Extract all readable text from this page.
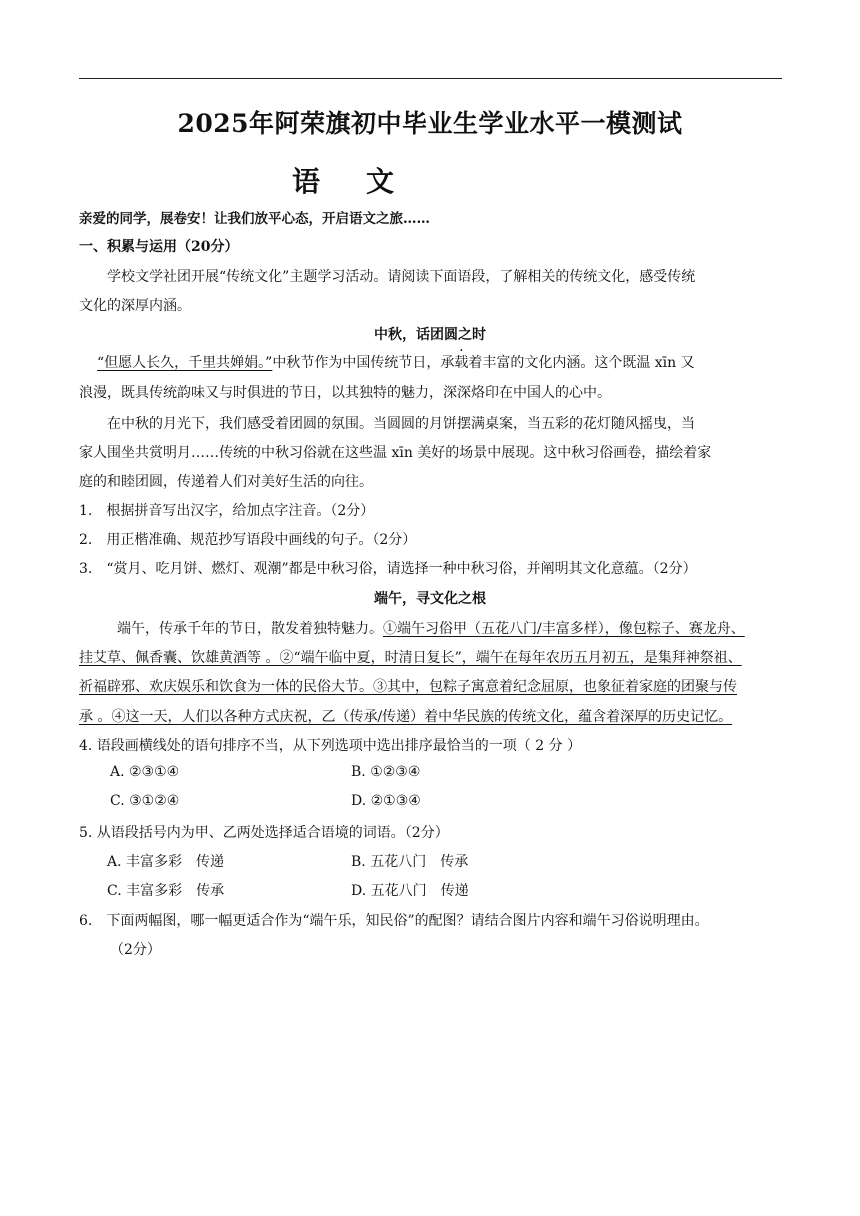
2025年阿荣旗初中毕业生学业水平一模测试
语文
亲爱的同学，展卷安！让我们放平心态，开启语文之旅……
一、积累与运用（20分）
学校文学社团开展“传统文化”主题学习活动。请阅读下面语段，了解相关的传统文化，感受传统
文化的深厚内涵。
中秋，话团圆之时
“但愿人长久，千里共婵娟。”中秋节作为中国传统节日，承载着丰富的文化内涵。这个既温 xīn 又
浪漫，既具传统韵味又与时俱进的节日，以其独特的魅力，深深烙印在中国人的心中。
在中秋的月光下，我们感受着团圆的氛围。当圆圆的月饼摆满桌案，当五彩的花灯随风摇曳，当
家人围坐共赏明月……传统的中秋习俗就在这些温 xīn 美好的场景中展现。这中秋习俗画卷，描绘着家
庭的和睦团圆，传递着人们对美好生活的向往。
1.　根据拼音写出汉字，给加点字注音。（2分）
2.　用正楷准确、规范抄写语段中画线的句子。（2分）
3.　“赏月、吃月饼、燃灯、观潮”都是中秋习俗，请选择一种中秋习俗，并阐明其文化意蕴。（2分）
端午，寻文化之根
端午，传承千年的节日，散发着独特魅力。①端午习俗甲（五花八门/丰富多样），像包粽子、赛龙舟、
挂艾草、佩香囊、饮雄黄酒等 。②“端午临中夏，时清日复长”，端午在每年农历五月初五，是集拜神祭祖、
祈福辟邪、欢庆娱乐和饮食为一体的民俗大节。③其中，包粽子寓意着纪念屈原，也象征着家庭的团聚与传
承 。④这一天，人们以各种方式庆祝，乙（传承/传递）着中华民族的传统文化，蕴含着深厚的历史记忆。
4. 语段画横线处的语句排序不当，从下列选项中选出排序最恰当的一项（ 2 分 ）
A. ②③①④	B. ①②③④
C. ③①②④	D. ②①③④
5. 从语段括号内为甲、乙两处选择适合语境的词语。（2分）
A. 丰富多彩　传递	B. 五花八门　传承
C. 丰富多彩　传承	D. 五花八门　传递
6.　下面两幅图，哪一幅更适合作为“端午乐，知民俗”的配图？请结合图片内容和端午习俗说明理由。
（2分）
